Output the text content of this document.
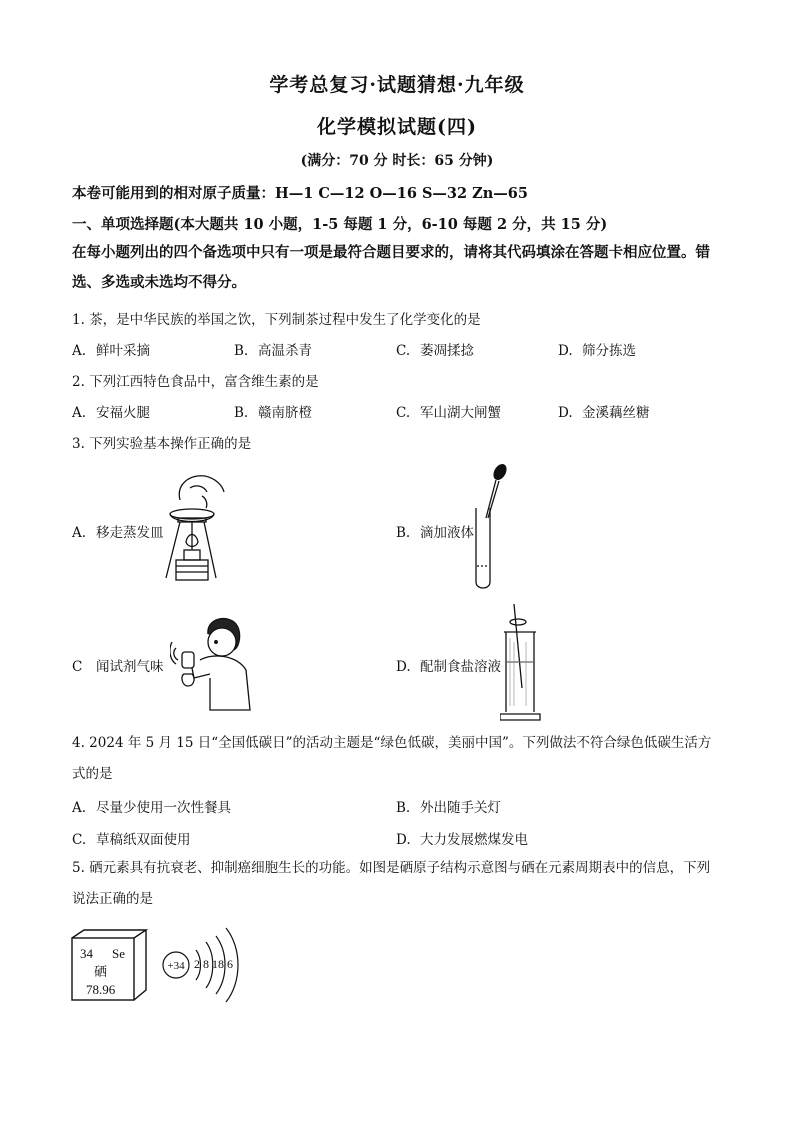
学考总复习·试题猜想·九年级
化学模拟试题(四)
(满分：70 分 时长：65 分钟)
本卷可能用到的相对原子质量：H—1 C—12 O—16 S—32 Zn—65
一、单项选择题(本大题共 10 小题，1-5 每题 1 分，6-10 每题 2 分，共 15 分)
在每小题列出的四个备选项中只有一项是最符合题目要求的，请将其代码填涂在答题卡相应位置。错选、多选或未选均不得分。
1. 茶，是中华民族的举国之饮，下列制茶过程中发生了化学变化的是
A. 鲜叶采摘	B. 高温杀青	C. 萎凋揉捻	D. 筛分拣选
2. 下列江西特色食品中，富含维生素的是
A. 安福火腿	B. 赣南脐橙	C. 军山湖大闸蟹	D. 金溪藕丝糖
3. 下列实验基本操作正确的是
A. 移走蒸发皿	B. 滴加液体
C 闻试剂气味	D. 配制食盐溶液
4. 2024 年 5 月 15 日“全国低碳日”的活动主题是“绿色低碳，美丽中国”。下列做法不符合绿色低碳生活方式的是
A. 尽量少使用一次性餐具	B. 外出随手关灯
C. 草稿纸双面使用	D. 大力发展燃煤发电
5. 硒元素具有抗衰老、抑制癌细胞生长的功能。如图是硒原子结构示意图与硒在元素周期表中的信息，下列说法正确的是
34 Se
硒
78.96
+34 2 8 18 6
